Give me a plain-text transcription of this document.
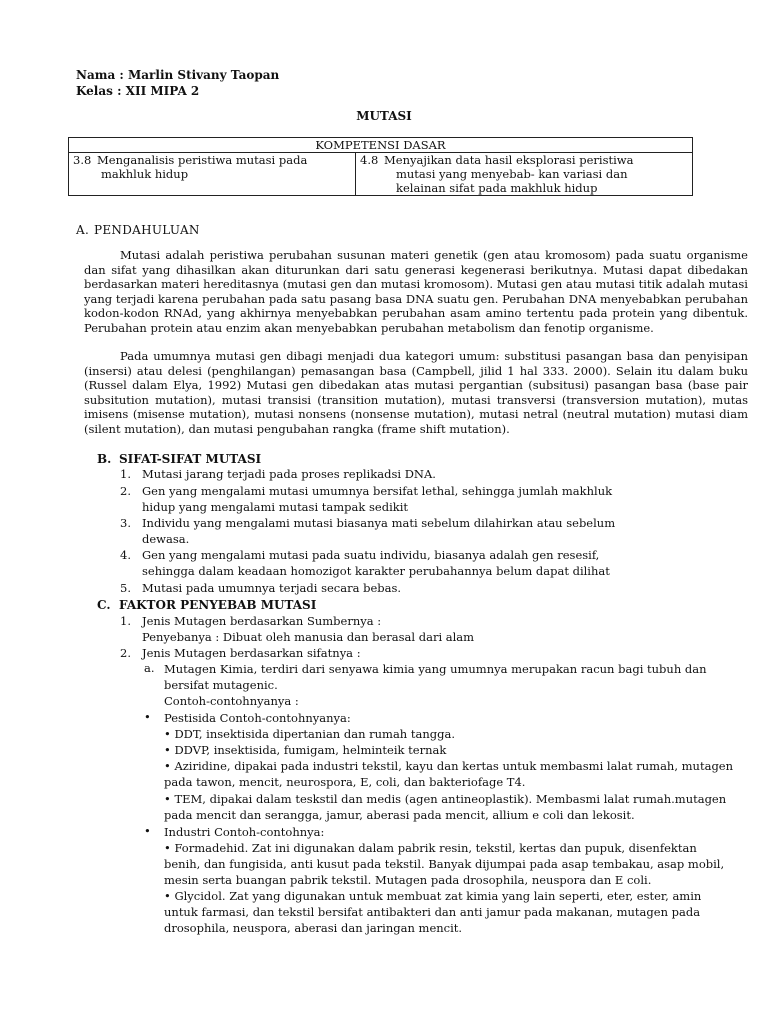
Nama : Marlin Stivany Taopan
Kelas : XII MIPA 2
MUTASI
KOMPETENSI DASAR

3.8 Menganalisis peristiwa mutasi pada
makhluk hidup

4.8 Menyajikan data hasil eksplorasi peristiwa
mutasi yang menyebab- kan variasi dan
kelainan sifat pada makhluk hidup
A. PENDAHULUAN

Mutasi adalah peristiwa perubahan susunan materi genetik (gen atau kromosom) pada suatu organisme dan sifat yang dihasilkan akan diturunkan dari satu generasi kegenerasi berikutnya. Mutasi dapat dibedakan berdasarkan materi hereditasnya (mutasi gen dan mutasi kromosom). Mutasi gen atau mutasi titik adalah mutasi yang terjadi karena perubahan pada satu pasang basa DNA suatu gen. Perubahan DNA menyebabkan perubahan kodon-kodon RNAd, yang akhirnya menyebabkan perubahan asam amino tertentu pada protein yang dibentuk. Perubahan protein atau enzim akan menyebabkan perubahan metabolism dan fenotip organisme.

Pada umumnya mutasi gen dibagi menjadi dua kategori umum: substitusi pasangan basa dan penyisipan (insersi) atau delesi (penghilangan) pemasangan basa (Campbell, jilid 1 hal 333. 2000). Selain itu dalam buku (Russel dalam Elya, 1992) Mutasi gen dibedakan atas mutasi pergantian (subsitusi) pasangan basa (base pair subsitution mutation), mutasi transisi (transition mutation), mutasi transversi (transversion mutation), mutas imisens (misense mutation), mutasi nonsens (nonsense mutation), mutasi netral (neutral mutation) mutasi diam (silent mutation), dan mutasi pengubahan rangka (frame shift mutation).

B. SIFAT-SIFAT MUTASI
1. Mutasi jarang terjadi pada proses replikadsi DNA.
2. Gen yang mengalami mutasi umumnya bersifat lethal, sehingga jumlah makhluk
hidup yang mengalami mutasi tampak sedikit
3. Individu yang mengalami mutasi biasanya mati sebelum dilahirkan atau sebelum
dewasa.
4. Gen yang mengalami mutasi pada suatu individu, biasanya adalah gen resesif,
sehingga dalam keadaan homozigot karakter perubahannya belum dapat dilihat
5. Mutasi pada umumnya terjadi secara bebas.
C. FAKTOR PENYEBAB MUTASI
1. Jenis Mutagen berdasarkan Sumbernya :
Penyebanya : Dibuat oleh manusia dan berasal dari alam
2. Jenis Mutagen berdasarkan sifatnya :
a. Mutagen Kimia, terdiri dari senyawa kimia yang umumnya merupakan racun bagi tubuh dan
bersifat mutagenic.
Contoh-contohnyanya :
• Pestisida Contoh-contohnyanya:
• DDT, insektisida dipertanian dan rumah tangga.
• DDVP, insektisida, fumigam, helminteik ternak
• Aziridine, dipakai pada industri tekstil, kayu dan kertas untuk membasmi lalat rumah, mutagen
pada tawon, mencit, neurospora, E, coli, dan bakteriofage T4.
• TEM, dipakai dalam teskstil dan medis (agen antineoplastik). Membasmi lalat rumah.mutagen
pada mencit dan serangga, jamur, aberasi pada mencit, allium e coli dan lekosit.
• Industri Contoh-contohnya:
• Formadehid. Zat ini digunakan dalam pabrik resin, tekstil, kertas dan pupuk, disenfektan
benih, dan fungisida, anti kusut pada tekstil. Banyak dijumpai pada asap tembakau, asap mobil,
mesin serta buangan pabrik tekstil. Mutagen pada drosophila, neuspora dan E coli.
• Glycidol. Zat yang digunakan untuk membuat zat kimia yang lain seperti, eter, ester, amin
untuk farmasi, dan tekstil bersifat antibakteri dan anti jamur pada makanan, mutagen pada
drosophila, neuspora, aberasi dan jaringan mencit.
